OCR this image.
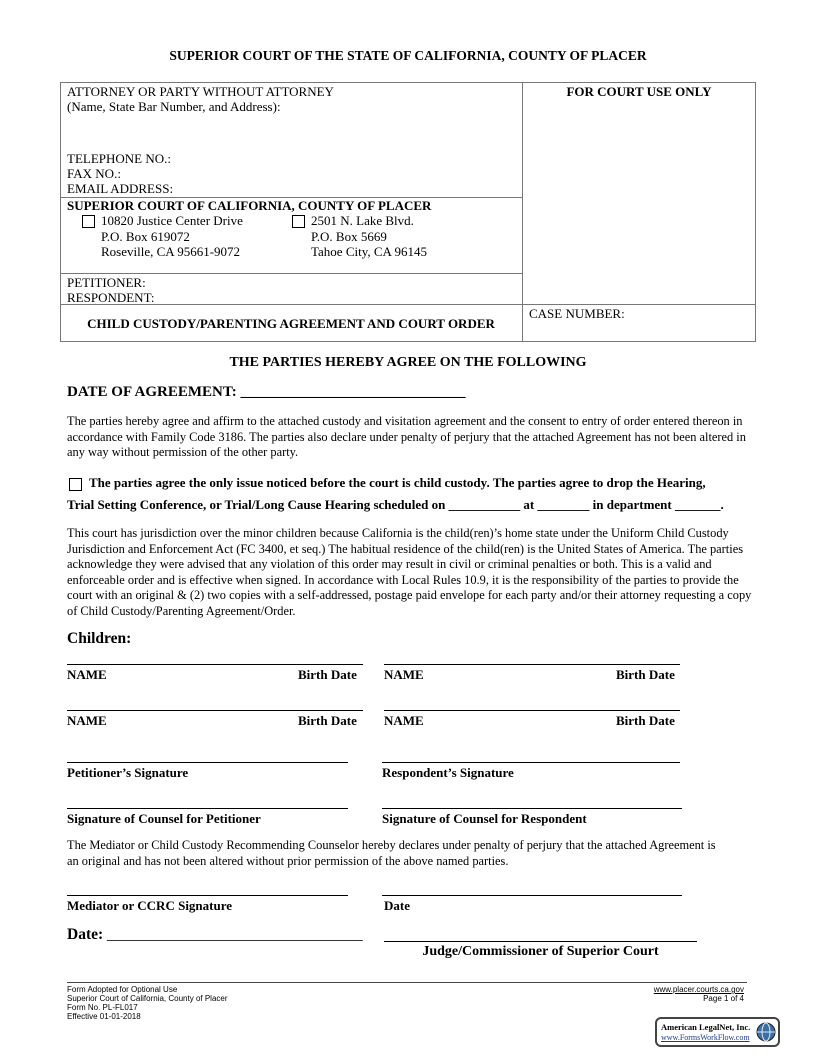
SUPERIOR COURT OF THE STATE OF CALIFORNIA, COUNTY OF PLACER
ATTORNEY OR PARTY WITHOUT ATTORNEY
(Name, State Bar Number, and Address):
TELEPHONE NO.:
FAX NO.:
EMAIL ADDRESS:
FOR COURT USE ONLY
SUPERIOR COURT OF CALIFORNIA, COUNTY OF PLACER
10820 Justice Center Drive
P.O. Box 619072
Roseville, CA 95661-9072
2501 N. Lake Blvd.
P.O. Box 5669
Tahoe City, CA 96145
PETITIONER:
RESPONDENT:
CHILD CUSTODY/PARENTING AGREEMENT AND COURT ORDER
CASE NUMBER:
THE PARTIES HEREBY AGREE ON THE FOLLOWING
DATE OF AGREEMENT: ______________________________
The parties hereby agree and affirm to the attached custody and visitation agreement and the consent to entry of order entered thereon in accordance with Family Code 3186. The parties also declare under penalty of perjury that the attached Agreement has not been altered in any way without permission of the other party.
The parties agree the only issue noticed before the court is child custody. The parties agree to drop the Hearing,
Trial Setting Conference, or Trial/Long Cause Hearing scheduled on ___________ at ________ in department _______.
This court has jurisdiction over the minor children because California is the child(ren)’s home state under the Uniform Child Custody Jurisdiction and Enforcement Act (FC 3400, et seq.) The habitual residence of the child(ren) is the United States of America. The parties acknowledge they were advised that any violation of this order may result in civil or criminal penalties or both. This is a valid and enforceable order and is effective when signed. In accordance with Local Rules 10.9, it is the responsibility of the parties to provide the court with an original & (2) two copies with a self-addressed, postage paid envelope for each party and/or their attorney requesting a copy of Child Custody/Parenting Agreement/Order.
Children:
NAME	Birth Date NAME	Birth Date
NAME	Birth Date NAME	Birth Date
Petitioner’s Signature	Respondent’s Signature
Signature of Counsel for Petitioner	Signature of Counsel for Respondent
The Mediator or Child Custody Recommending Counselor hereby declares under penalty of perjury that the attached Agreement is an original and has not been altered without prior permission of the above named parties.
Mediator or CCRC Signature	Date
Date: _________________________________
Judge/Commissioner of Superior Court
Form Adopted for Optional Use
Superior Court of California, County of Placer
Form No. PL-FL017
Effective 01-01-2018
www.placer.courts.ca.gov
Page 1 of 4
American LegalNet, Inc.
www.FormsWorkFlow.com
